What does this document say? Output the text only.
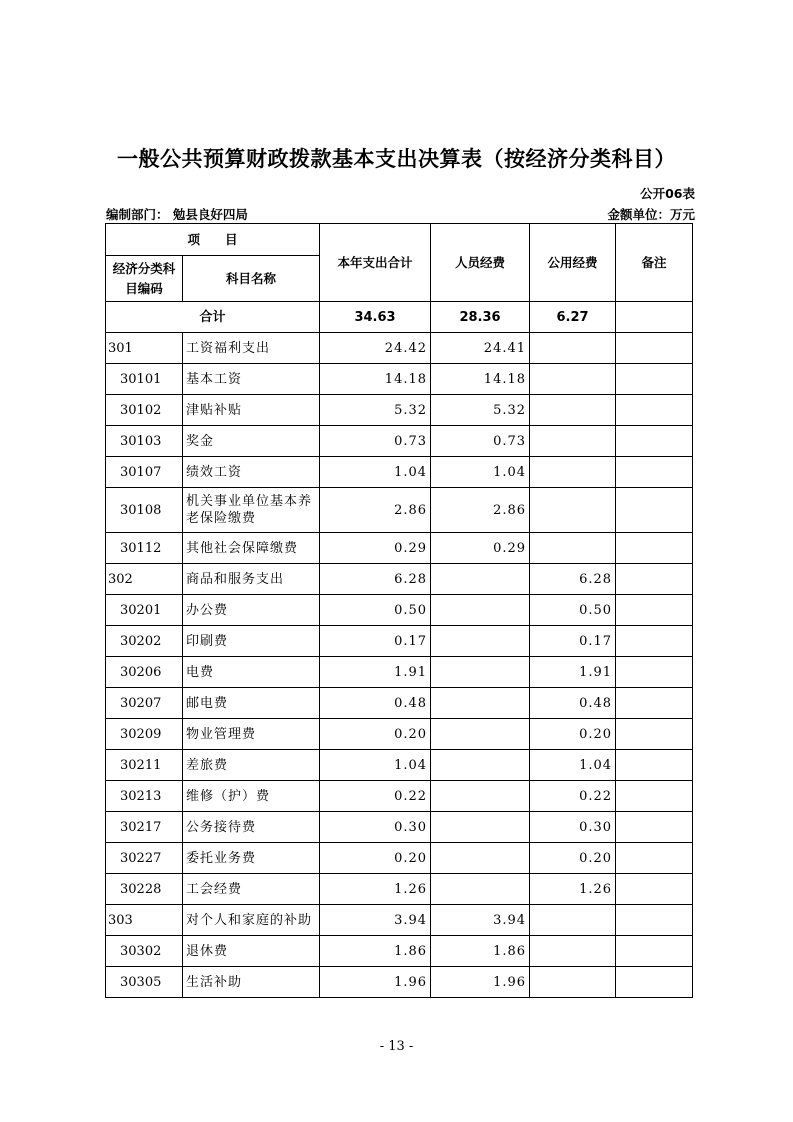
一般公共预算财政拨款基本支出决算表（按经济分类科目）
公开06表
编制部门： 勉县良好四局	金额单位：万元
项　　目		本年支出合计	人员经费	公用经费	备注
经济分类科目编码	科目名称				
合计		34.63	28.36	6.27	
301	工资福利支出	24.42	24.41		
30101	基本工资	14.18	14.18		
30102	津贴补贴	5.32	5.32		
30103	奖金	0.73	0.73		
30107	绩效工资	1.04	1.04		
30108	机关事业单位基本养老保险缴费	2.86	2.86		
30112	其他社会保障缴费	0.29	0.29		
302	商品和服务支出	6.28		6.28	
30201	办公费	0.50		0.50	
30202	印刷费	0.17		0.17	
30206	电费	1.91		1.91	
30207	邮电费	0.48		0.48	
30209	物业管理费	0.20		0.20	
30211	差旅费	1.04		1.04	
30213	维修（护）费	0.22		0.22	
30217	公务接待费	0.30		0.30	
30227	委托业务费	0.20		0.20	
30228	工会经费	1.26		1.26	
303	对个人和家庭的补助	3.94	3.94		
30302	退休费	1.86	1.86		
30305	生活补助	1.96	1.96		
- 13 -
